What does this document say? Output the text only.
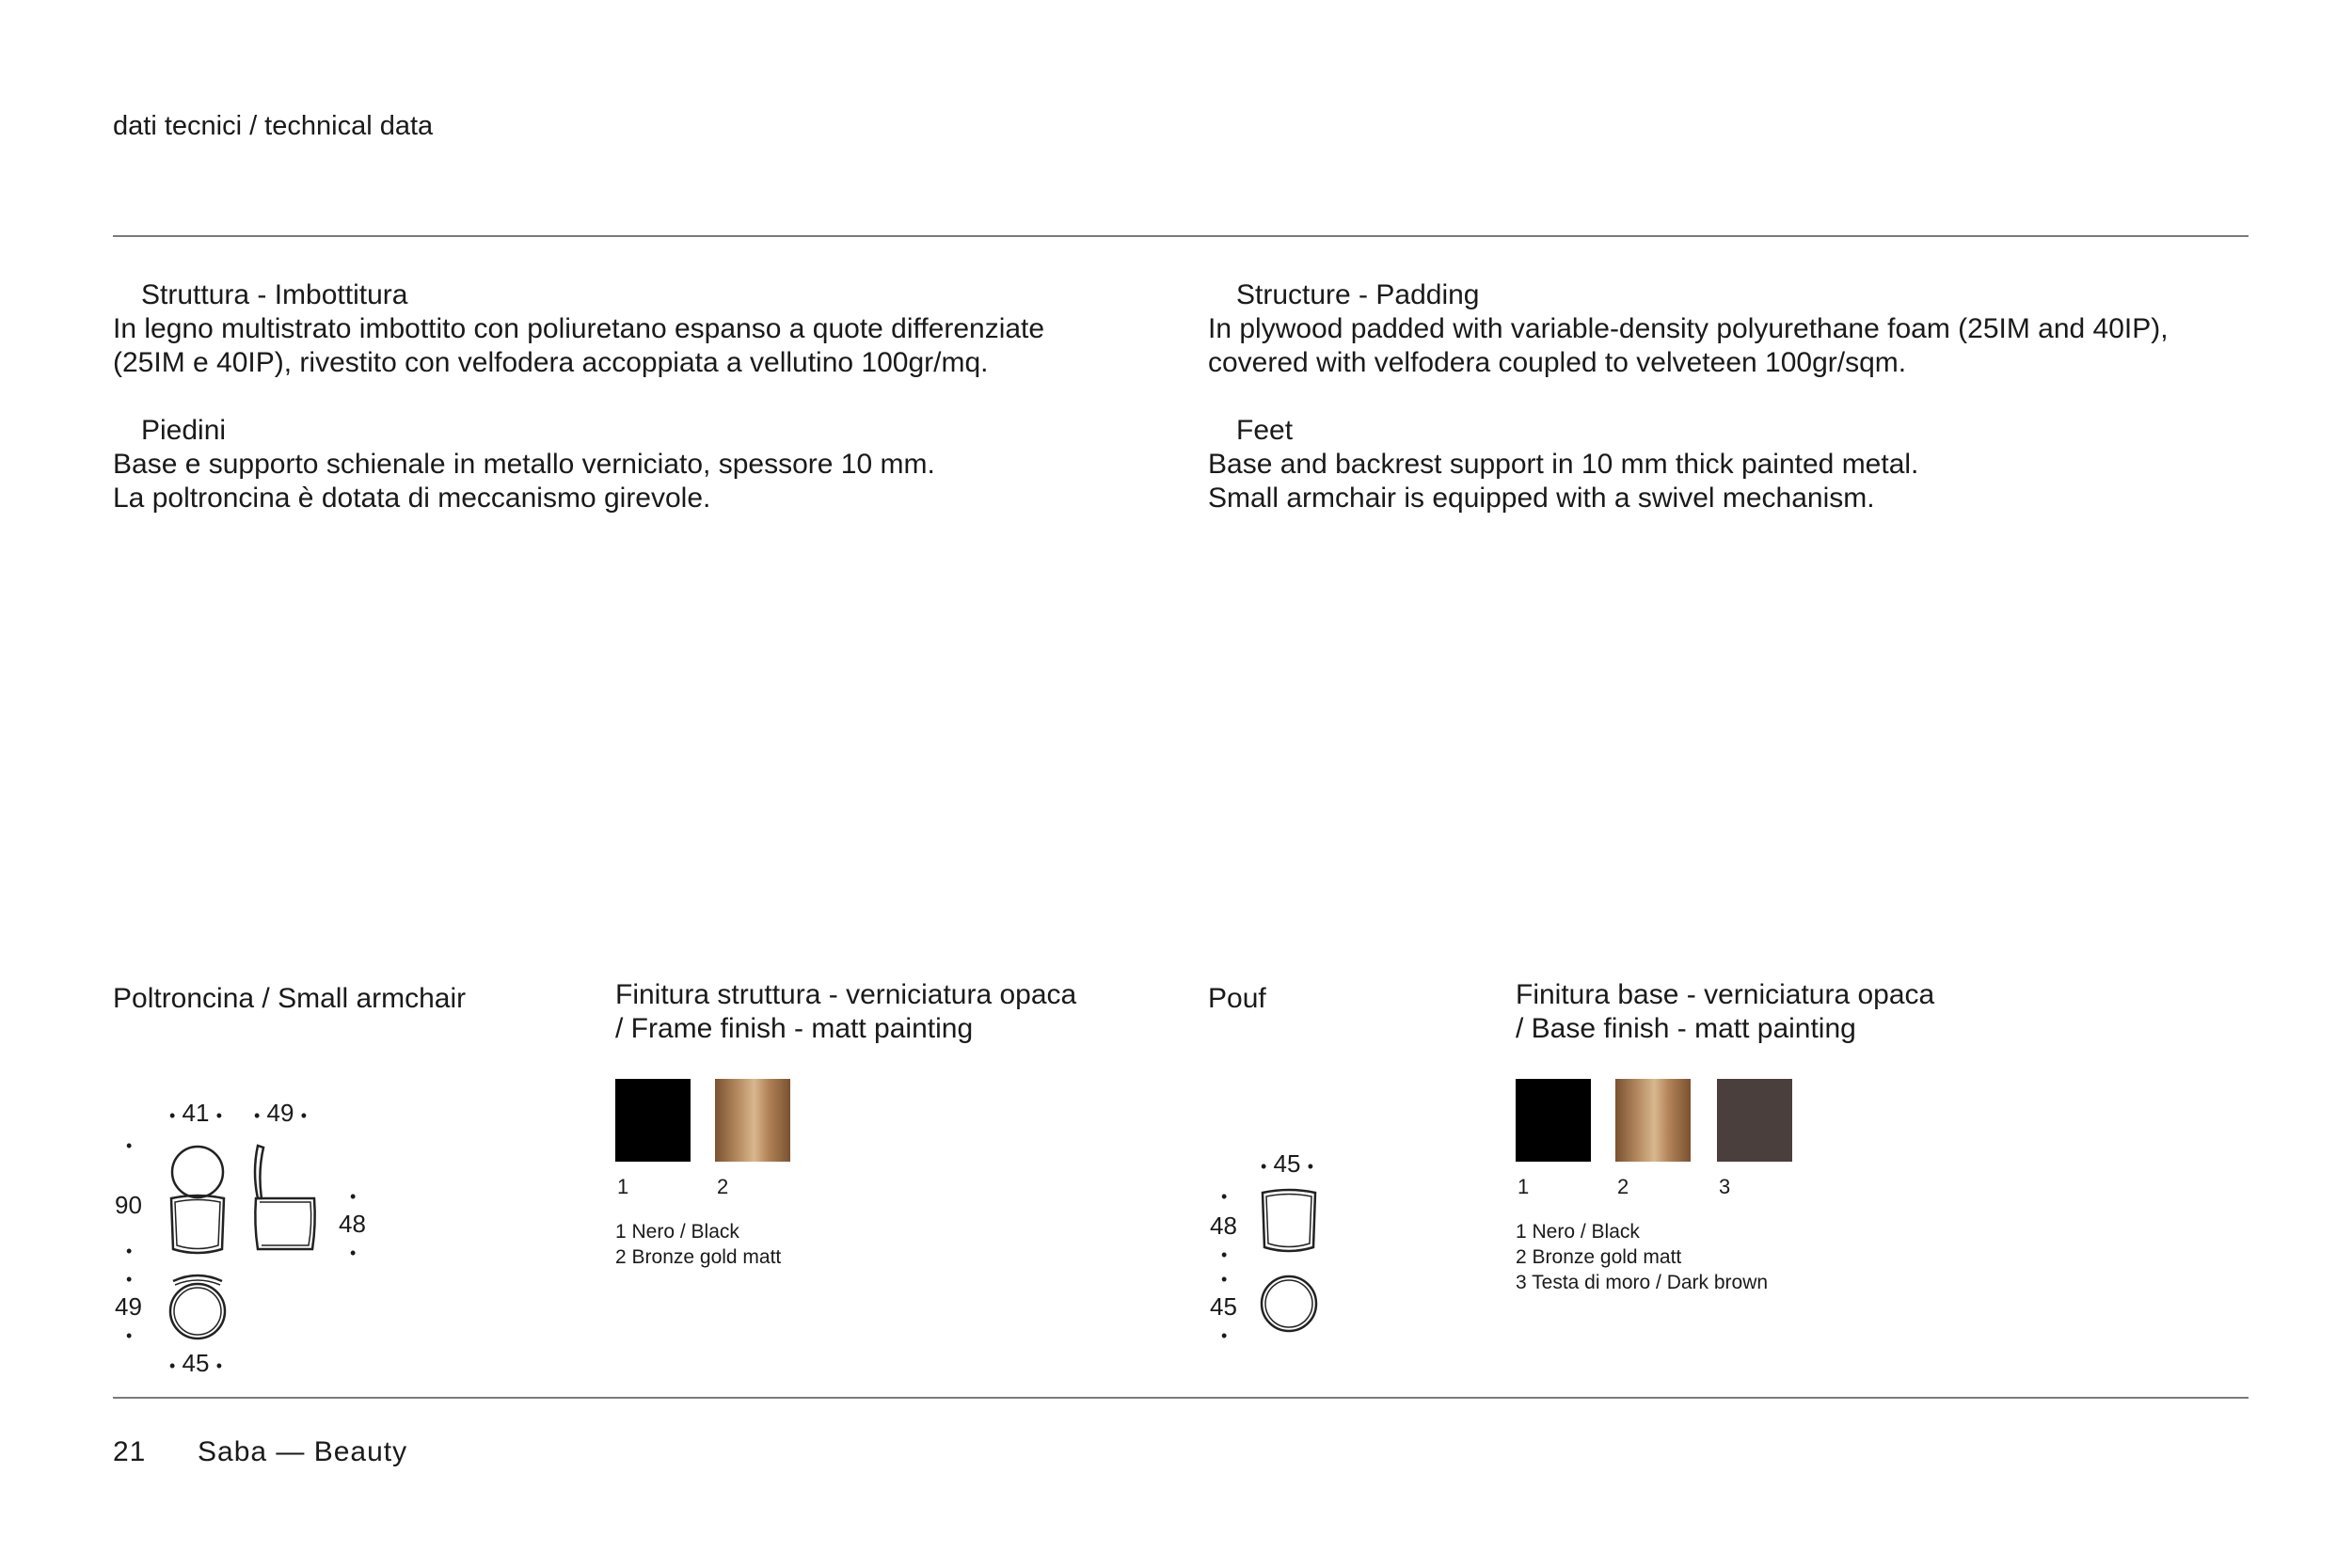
dati tecnici / technical data

Struttura - Imbottitura

In legno multistrato imbottito con poliuretano espanso a quote differenziate

(25IM e 40IP), rivestito con velfodera accoppiata a vellutino 100gr/mq.

Piedini

Base e supporto schienale in metallo verniciato, spessore 10 mm.

La poltroncina è dotata di meccanismo girevole.

Structure - Padding

In plywood padded with variable-density polyurethane foam (25IM and 40IP),

covered with velfodera coupled to velveteen 100gr/sqm.

Feet

Base and backrest support in 10 mm thick painted metal.

Small armchair is equipped with a swivel mechanism.

Poltroncina / Small armchair
• 41 • • 49 •
•
90
•
•
48
•
•
49
•
• 45 •
Finitura struttura - verniciatura opaca
/ Frame finish - matt painting
1	2
1 Nero / Black
2 Bronze gold matt
Pouf
• 45 •
•
48
•
•
45
•
Finitura base - verniciatura opaca
/ Base finish - matt painting
1	2	3
1 Nero / Black
2 Bronze gold matt
3 Testa di moro / Dark brown
21 Saba — Beauty
